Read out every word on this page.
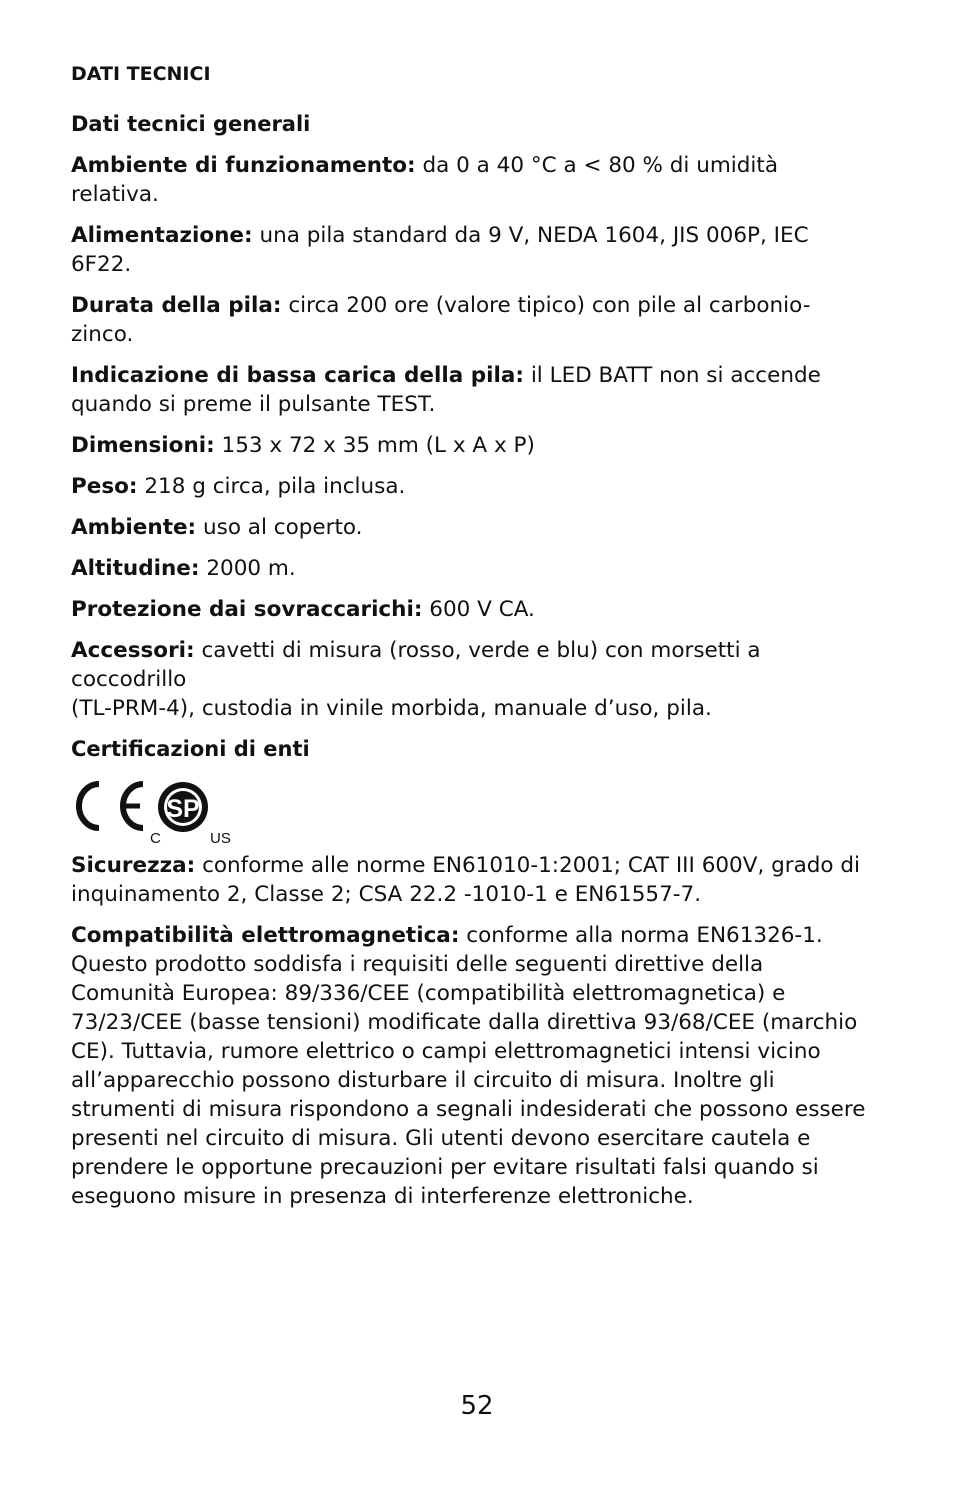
DATI TECNICI
Dati tecnici generali
Ambiente di funzionamento: da 0 a 40 °C a < 80 % di umidità relativa.
Alimentazione: una pila standard da 9 V, NEDA 1604, JIS 006P, IEC 6F22.
Durata della pila: circa 200 ore (valore tipico) con pile al carbonio-zinco.
Indicazione di bassa carica della pila: il LED BATT non si accende quando si preme il pulsante TEST.
Dimensioni: 153 x 72 x 35 mm (L x A x P)
Peso: 218 g circa, pila inclusa.
Ambiente: uso al coperto.
Altitudine: 2000 m.
Protezione dai sovraccarichi: 600 V CA.
Accessori: cavetti di misura (rosso, verde e blu) con morsetti a coccodrillo
(TL-PRM-4), custodia in vinile morbida, manuale d’uso, pila.
Certificazioni di enti
SP
C	US
Sicurezza: conforme alle norme EN61010-1:2001; CAT III 600V, grado di inquinamento 2, Classe 2; CSA 22.2 -1010-1 e EN61557-7.
Compatibilità elettromagnetica: conforme alla norma EN61326-1. Questo prodotto soddisfa i requisiti delle seguenti direttive della Comunità Europea: 89/336/CEE (compatibilità elettromagnetica) e 73/23/CEE (basse tensioni) modificate dalla direttiva 93/68/CEE (marchio CE). Tuttavia, rumore elettrico o campi elettromagnetici intensi vicino all’apparecchio possono disturbare il circuito di misura. Inoltre gli strumenti di misura rispondono a segnali indesiderati che possono essere presenti nel circuito di misura. Gli utenti devono esercitare cautela e prendere le opportune precauzioni per evitare risultati falsi quando si eseguono misure in presenza di interferenze elettroniche.
52
